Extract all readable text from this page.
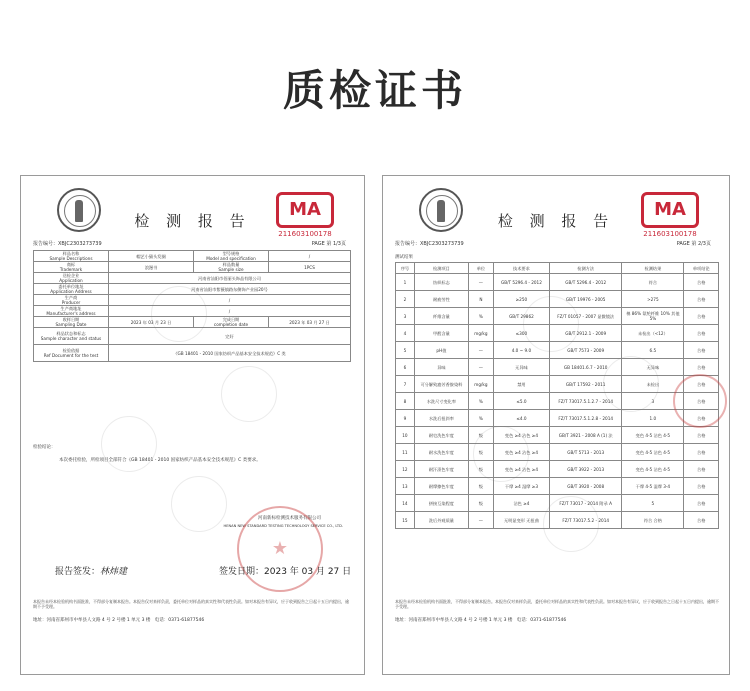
质检证书
检 测 报 告
MA
211603100178
报告编号：XBJC2303273739	PAGE 第 1/3页
样品名称
Sample Descriptions	帽艺小猫头发圈	型号规格
Model and specification	/
商标
Trademark	浪漫书	样品数量
Sample size	1PCS
送检企业
Application	河南省汕阳市佰丽头饰品有限公司		
委托单位地址
Application Address	河南省汕阳市紫薇镇路东侧饰产业园20号		
生产商
Producer	/		
生产商地址
Manufacturer's address	/		
收样日期
Sampling Date	2023 年 03 月 23 日	完成日期
completion date	2023 年 03 月 27 日
样品状态和标志
Sample character and status	完好		
检验依据
Ref Document for the test	《GB 18401 - 2010 国家纺织产品基本安全技术规范》C 类		
检验结论：
本次委托检验，所检项目全部符合《GB 18401 - 2010 国家纺织产品基本安全技术规范》C 类要求。
河南新标检测技术服务有限公司
HENAN NEW STANDARD TESTING TECHNOLOGY SERVICE CO., LTD.
★
报告签发：林炜建	签发日期：2023 年 03 月 27 日
本报告未经本检验机构书面批准，不得部分复制本报告。本报告仅对来样负责，委托单位对样品的真实性和代表性负责。如对本报告有异议，应于收到报告之日起十五日内提出，逾期不予受理。
地址：河南省郑州市中牟县人文路 4 号 2 号楼 1 单元 3 楼 电话：0371-61877546
检 测 报 告
MA
211603100178
报告编号：XBJC2303273739	PAGE 第 2/3页
测试结果
序号	检测项目	单位	技术要求	检测方法	检测结果	单项结论
1	纺织标志	—	GB/T 5296.4 - 2012	GB/T 5296.4 - 2012	符合	合格
2	耐疲劳性	N	≥250	GB/T 19976 - 2005	>275	合格
3	纤维含量	%	GB/T 29862	FZ/T 01057 - 2007 显微镜法	棉 86% 氨纶纤维 10% 其他 5%	合格
4	甲醛含量	mg/kg	≤300	GB/T 2912.1 - 2009	未检出（<12）	合格
5	pH值	—	4.0 ~ 9.0	GB/T 7573 - 2009	6.5	合格
6	异味	—	无异味	GB 18401.6.7 - 2010	无异味	合格
7	可分解致癌芳香胺染料	mg/kg	禁用	GB/T 17592 - 2011	未检出	合格
8	水洗尺寸变化率	%	≤5.0	FZ/T 73017.5.1.2.7 - 2014	3	合格
9	水洗后扭斜率	%	≤4.0	FZ/T 73017.5.1.2.8 - 2014	1.0	合格
10	耐皂洗色牢度	级	变色 ≥4 沾色 ≥4	GB/T 3921 - 2008 A (1) 法	变色 4-5 沾色 4-5	合格
11	耐水洗色牢度	级	变色 ≥4 沾色 ≥4	GB/T 5713 - 2013	变色 4-5 沾色 4-5	合格
12	耐汗渍色牢度	级	变色 ≥4 沾色 ≥4	GB/T 3922 - 2013	变色 4-5 沾色 4-5	合格
13	耐摩擦色牢度	级	干摩 ≥4 湿摩 ≥3	GB/T 3920 - 2008	干摩 4-5 湿摩 3-4	合格
14	拼接互染程度	级	沾色 ≥4	FZ/T 73017 - 2014 附录 A	5	合格
15	洗后外观质量	—	无明显变形 无扭曲	FZ/T 73017.5.2 - 2014	符合 合格	合格
本报告未经本检验机构书面批准，不得部分复制本报告。本报告仅对来样负责，委托单位对样品的真实性和代表性负责。如对本报告有异议，应于收到报告之日起十五日内提出，逾期不予受理。
地址：河南省郑州市中牟县人文路 4 号 2 号楼 1 单元 3 楼 电话：0371-61877546
